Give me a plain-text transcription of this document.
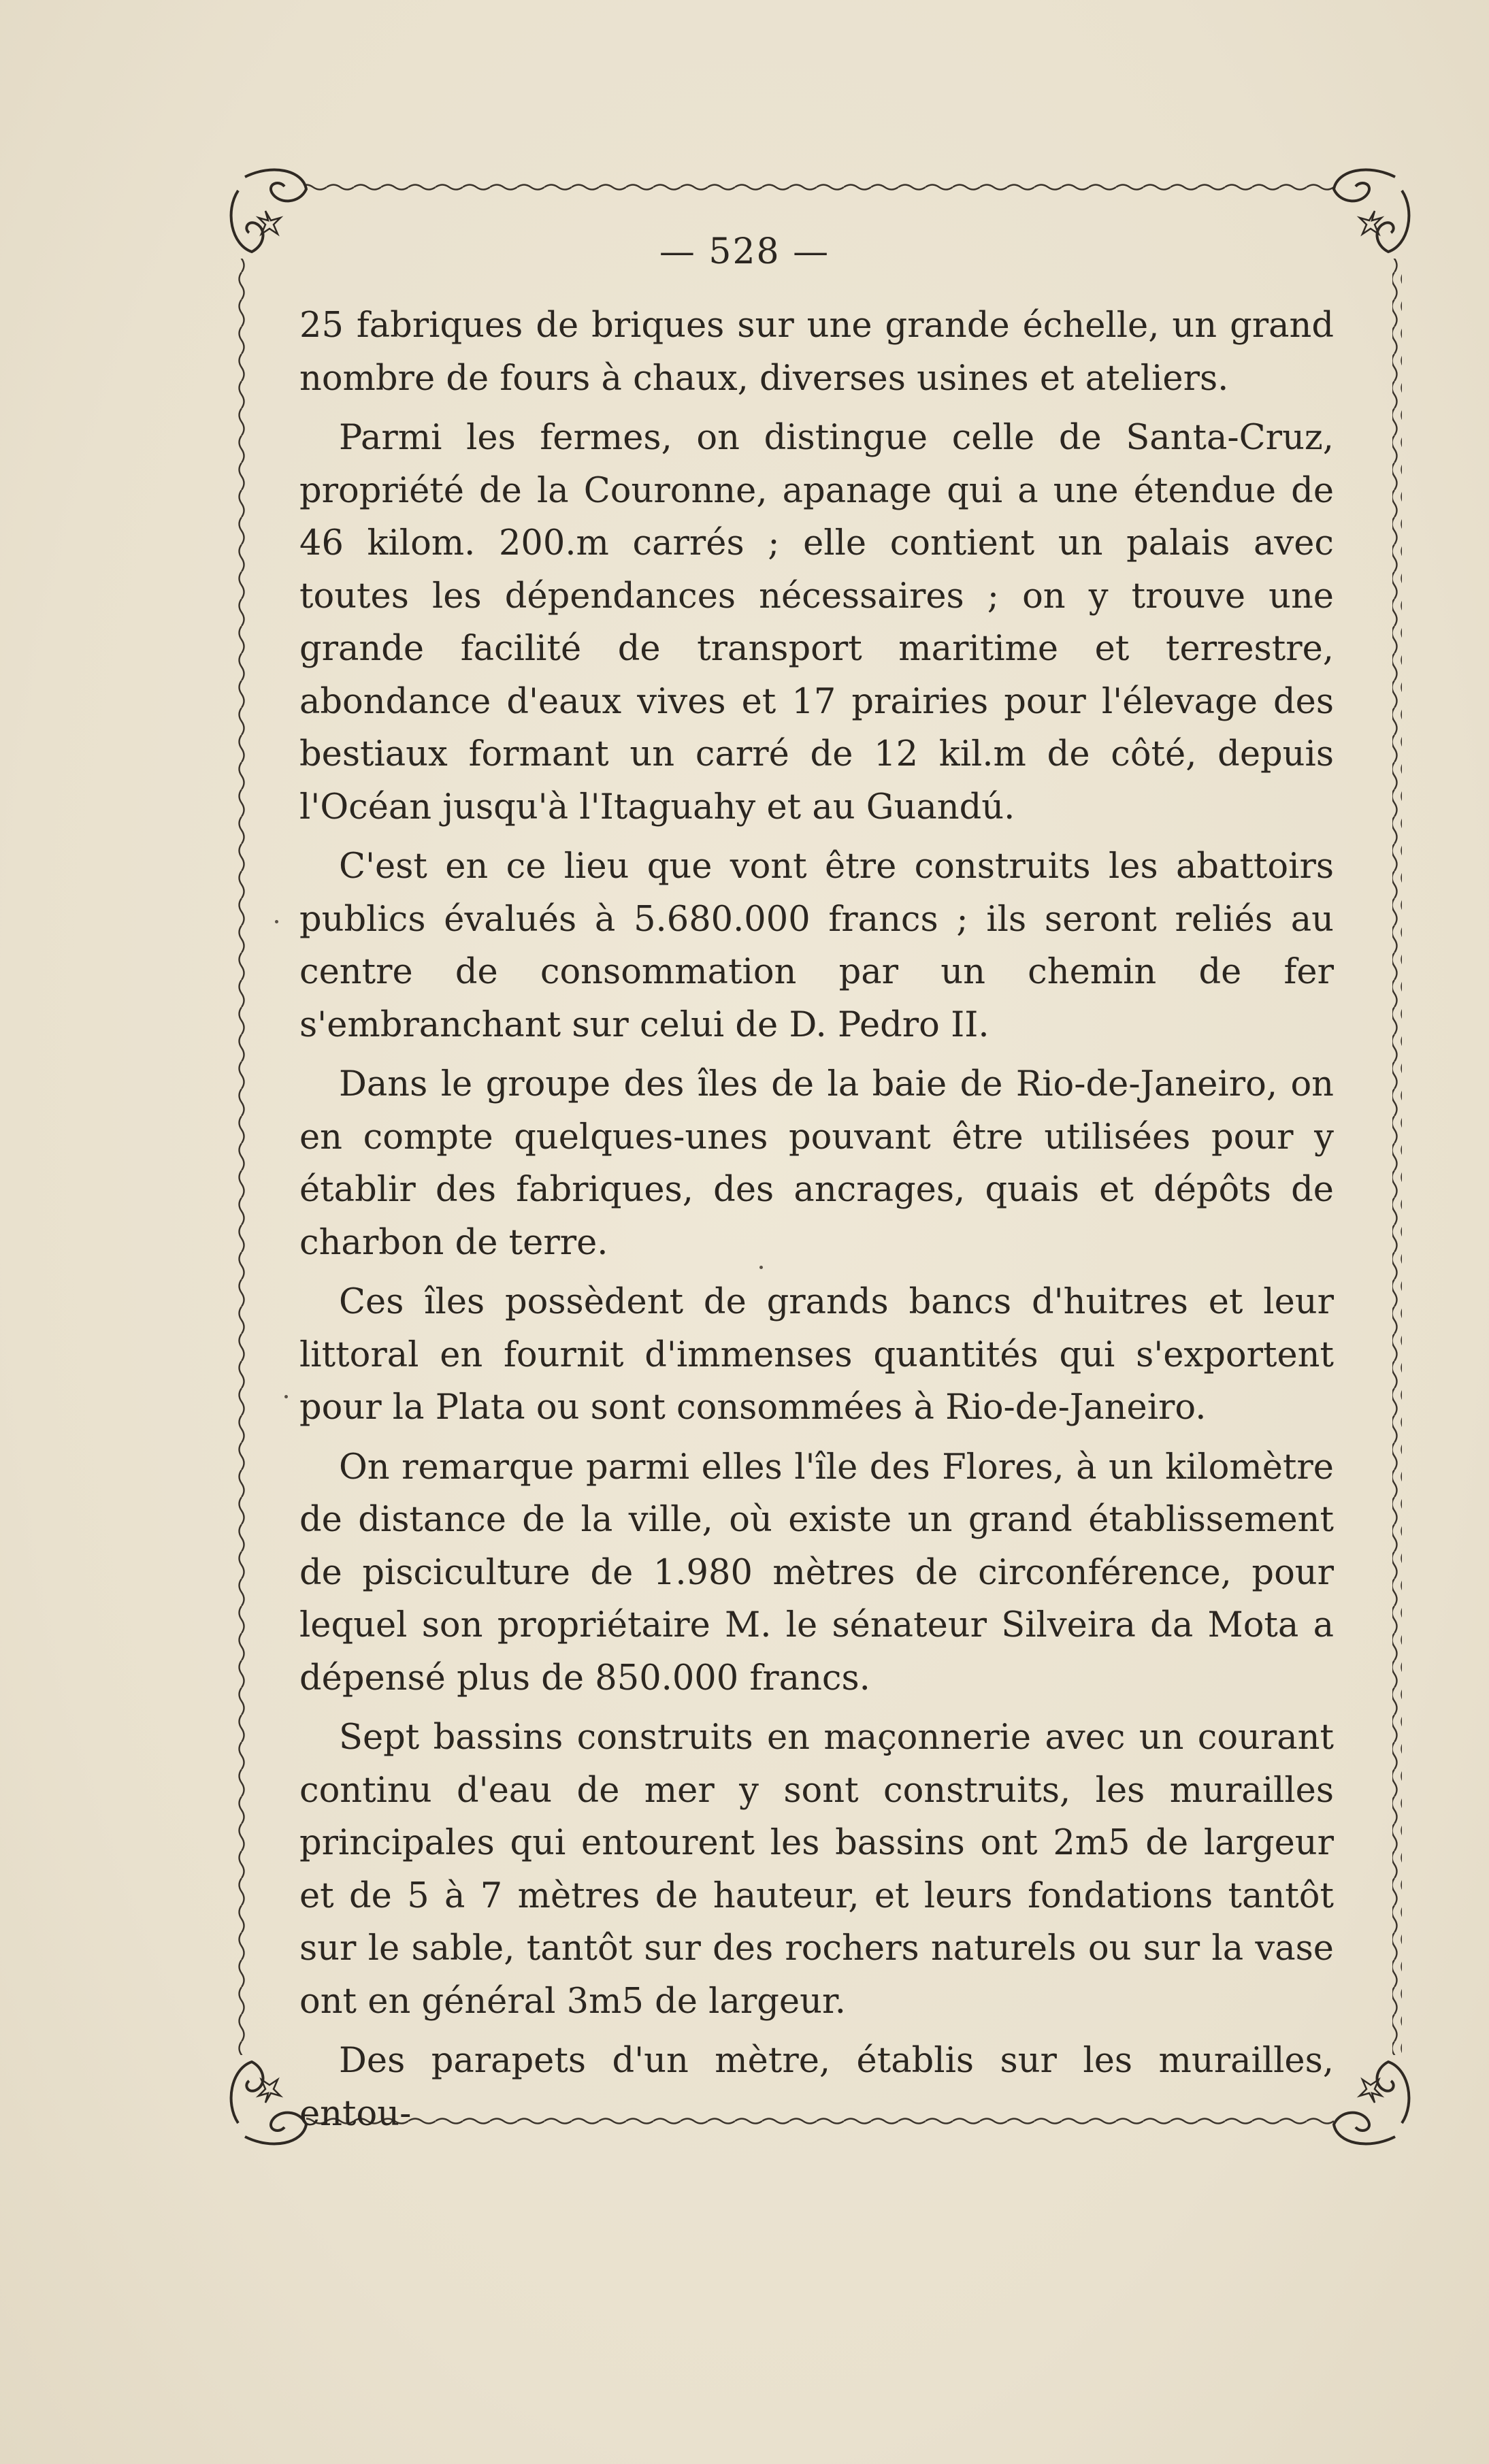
— 528 —

25 fabriques de briques sur une grande échelle, un grand nombre de fours à chaux, diverses usines et ateliers.

Parmi les fermes, on distingue celle de Santa-Cruz, propriété de la Couronne, apanage qui a une étendue de 46 kilom. 200.m carrés ; elle contient un palais avec toutes les dépendances nécessaires ; on y trouve une grande facilité de transport maritime et terrestre, abondance d'eaux vives et 17 prairies pour l'élevage des bestiaux formant un carré de 12 kil.m de côté, depuis l'Océan jusqu'à l'Itaguahy et au Guandú.

C'est en ce lieu que vont être construits les abattoirs publics évalués à 5.680.000 francs ; ils seront reliés au centre de consommation par un chemin de fer s'embranchant sur celui de D. Pedro II.

Dans le groupe des îles de la baie de Rio-de-Janeiro, on en compte quelques-unes pouvant être utilisées pour y établir des fabriques, des ancrages, quais et dépôts de charbon de terre.

Ces îles possèdent de grands bancs d'huitres et leur littoral en fournit d'immenses quantités qui s'exportent pour la Plata ou sont consommées à Rio-de-Janeiro.

On remarque parmi elles l'île des Flores, à un kilomètre de distance de la ville, où existe un grand établissement de pisciculture de 1.980 mètres de circonférence, pour lequel son propriétaire M. le sénateur Silveira da Mota a dépensé plus de 850.000 francs.

Sept bassins construits en maçonnerie avec un courant continu d'eau de mer y sont construits, les murailles principales qui entourent les bassins ont 2m5 de largeur et de 5 à 7 mètres de hauteur, et leurs fondations tantôt sur le sable, tantôt sur des rochers naturels ou sur la vase ont en général 3m5 de largeur.

Des parapets d'un mètre, établis sur les murailles, entou-
